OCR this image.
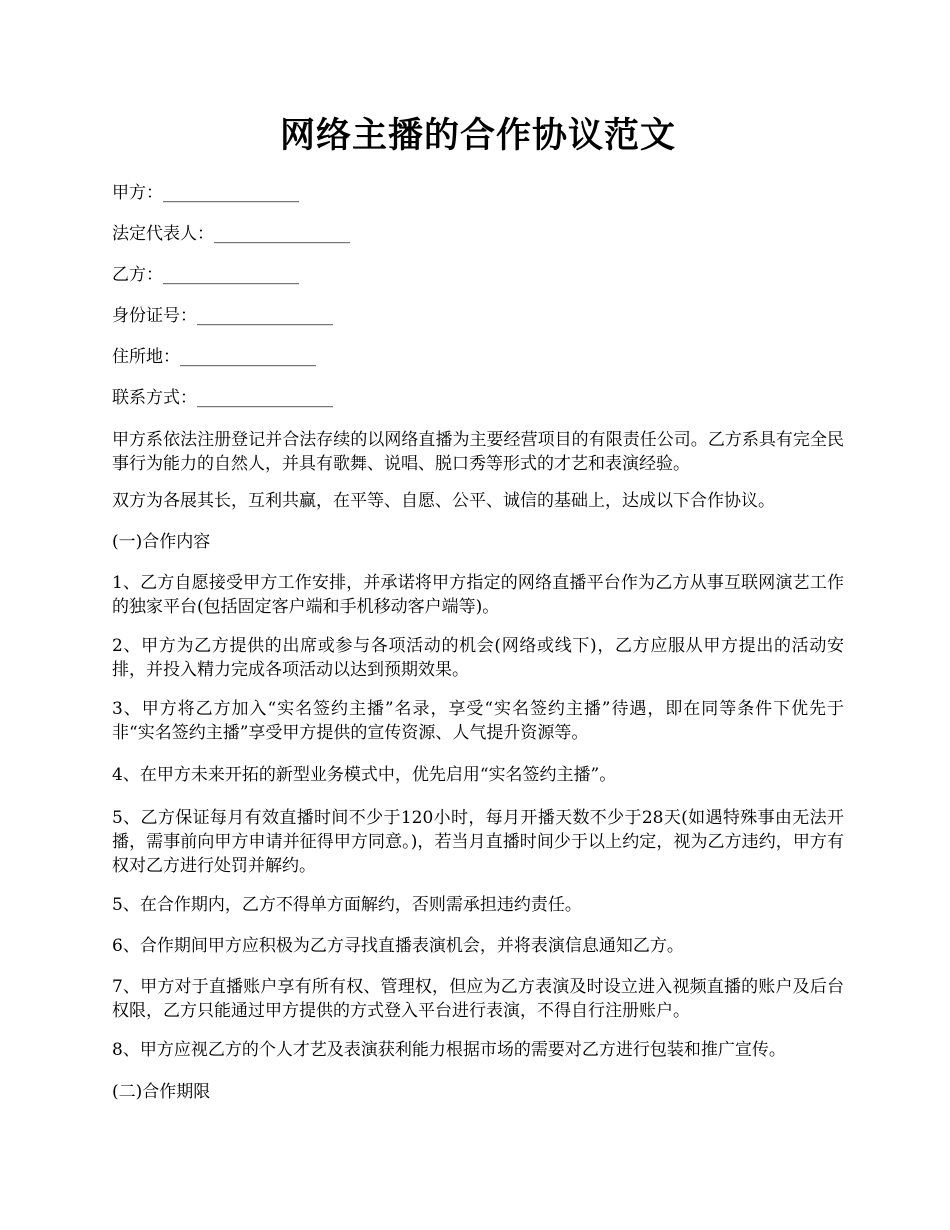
网络主播的合作协议范文
甲方：________________
法定代表人：________________
乙方：________________
身份证号：________________
住所地：________________
联系方式：________________

甲方系依法注册登记并合法存续的以网络直播为主要经营项目的有限责任公司。乙方系具有完全民事行为能力的自然人，并具有歌舞、说唱、脱口秀等形式的才艺和表演经验。

双方为各展其长，互利共赢，在平等、自愿、公平、诚信的基础上，达成以下合作协议。

(一)合作内容

1、乙方自愿接受甲方工作安排，并承诺将甲方指定的网络直播平台作为乙方从事互联网演艺工作的独家平台(包括固定客户端和手机移动客户端等)。

2、甲方为乙方提供的出席或参与各项活动的机会(网络或线下)，乙方应服从甲方提出的活动安排，并投入精力完成各项活动以达到预期效果。

3、甲方将乙方加入“实名签约主播”名录，享受“实名签约主播”待遇，即在同等条件下优先于非“实名签约主播”享受甲方提供的宣传资源、人气提升资源等。

4、在甲方未来开拓的新型业务模式中，优先启用“实名签约主播”。

5、乙方保证每月有效直播时间不少于120小时，每月开播天数不少于28天(如遇特殊事由无法开播，需事前向甲方申请并征得甲方同意。)，若当月直播时间少于以上约定，视为乙方违约，甲方有权对乙方进行处罚并解约。

5、在合作期内，乙方不得单方面解约，否则需承担违约责任。

6、合作期间甲方应积极为乙方寻找直播表演机会，并将表演信息通知乙方。

7、甲方对于直播账户享有所有权、管理权，但应为乙方表演及时设立进入视频直播的账户及后台权限，乙方只能通过甲方提供的方式登入平台进行表演，不得自行注册账户。

8、甲方应视乙方的个人才艺及表演获利能力根据市场的需要对乙方进行包装和推广宣传。

(二)合作期限
